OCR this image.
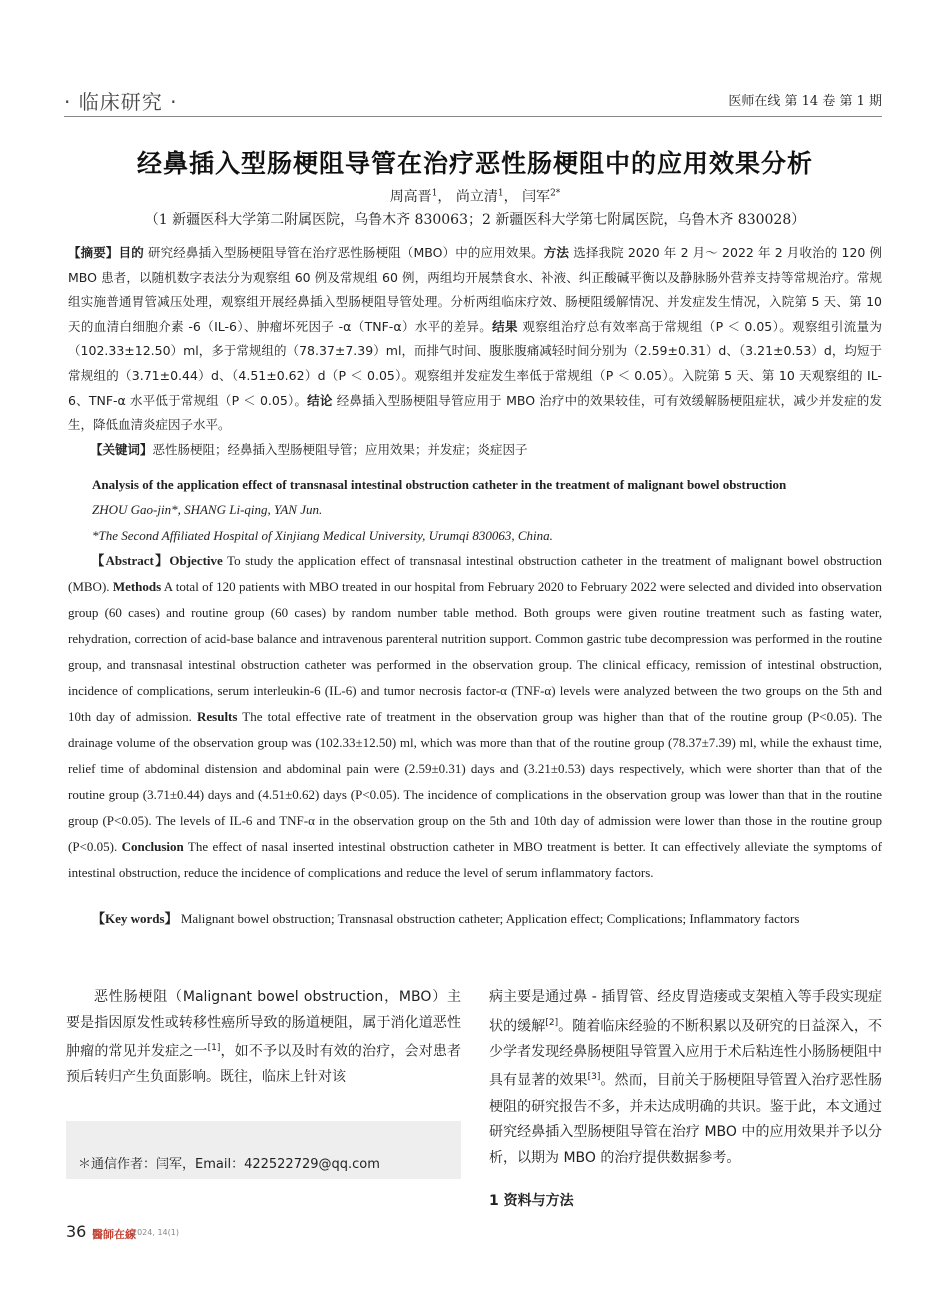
· 临床研究 ·	医师在线 第 14 卷 第 1 期
经鼻插入型肠梗阻导管在治疗恶性肠梗阻中的应用效果分析
周高晋$^1$， 尚立清$^1$， 闫军$^{2*}$
（1 新疆医科大学第二附属医院，乌鲁木齐 830063；2 新疆医科大学第七附属医院，乌鲁木齐 830028）
【摘要】目的 研究经鼻插入型肠梗阻导管在治疗恶性肠梗阻（MBO）中的应用效果。方法 选择我院 2020 年 2 月～ 2022 年 2 月收治的 120 例 MBO 患者，以随机数字表法分为观察组 60 例及常规组 60 例，两组均开展禁食水、补液、纠正酸碱平衡以及静脉肠外营养支持等常规治疗。常规组实施普通胃管减压处理，观察组开展经鼻插入型肠梗阻导管处理。分析两组临床疗效、肠梗阻缓解情况、并发症发生情况，入院第 5 天、第 10 天的血清白细胞介素 -6（IL-6）、肿瘤坏死因子 -α（TNF-α）水平的差异。结果 观察组治疗总有效率高于常规组（P ＜ 0.05）。观察组引流量为（102.33±12.50）ml，多于常规组的（78.37±7.39）ml，而排气时间、腹胀腹痛减轻时间分别为（2.59±0.31）d、（3.21±0.53）d，均短于常规组的（3.71±0.44）d、（4.51±0.62）d（P ＜ 0.05）。观察组并发症发生率低于常规组（P ＜ 0.05）。入院第 5 天、第 10 天观察组的 IL-6、TNF-α 水平低于常规组（P ＜ 0.05）。结论 经鼻插入型肠梗阻导管应用于 MBO 治疗中的效果较佳，可有效缓解肠梗阻症状，减少并发症的发生，降低血清炎症因子水平。
【关键词】恶性肠梗阻；经鼻插入型肠梗阻导管；应用效果；并发症；炎症因子
Analysis of the application effect of transnasal intestinal obstruction catheter in the treatment of malignant bowel obstruction
ZHOU Gao-jin*, SHANG Li-qing, YAN Jun.
*The Second Affiliated Hospital of Xinjiang Medical University, Urumqi 830063, China.
【Abstract】Objective To study the application effect of transnasal intestinal obstruction catheter in the treatment of malignant bowel obstruction (MBO). Methods A total of 120 patients with MBO treated in our hospital from February 2020 to February 2022 were selected and divided into observation group (60 cases) and routine group (60 cases) by random number table method. Both groups were given routine treatment such as fasting water, rehydration, correction of acid-base balance and intravenous parenteral nutrition support. Common gastric tube decompression was performed in the routine group, and transnasal intestinal obstruction catheter was performed in the observation group. The clinical efficacy, remission of intestinal obstruction, incidence of complications, serum interleukin-6 (IL-6) and tumor necrosis factor-α (TNF-α) levels were analyzed between the two groups on the 5th and 10th day of admission. Results The total effective rate of treatment in the observation group was higher than that of the routine group (P<0.05). The drainage volume of the observation group was (102.33±12.50) ml, which was more than that of the routine group (78.37±7.39) ml, while the exhaust time, relief time of abdominal distension and abdominal pain were (2.59±0.31) days and (3.21±0.53) days respectively, which were shorter than that of the routine group (3.71±0.44) days and (4.51±0.62) days (P<0.05). The incidence of complications in the observation group was lower than that in the routine group (P<0.05). The levels of IL-6 and TNF-α in the observation group on the 5th and 10th day of admission were lower than those in the routine group (P<0.05). Conclusion The effect of nasal inserted intestinal obstruction catheter in MBO treatment is better. It can effectively alleviate the symptoms of intestinal obstruction, reduce the incidence of complications and reduce the level of serum inflammatory factors.
【Key words】 Malignant bowel obstruction; Transnasal obstruction catheter; Application effect; Complications; Inflammatory factors
恶性肠梗阻（Malignant bowel obstruction，MBO）主要是指因原发性或转移性癌所导致的肠道梗阻，属于消化道恶性肿瘤的常见并发症之一[1]，如不予以及时有效的治疗，会对患者预后转归产生负面影响。既往，临床上针对该
＊通信作者：闫军，Email：422522729@qq.com
病主要是通过鼻 - 插胃管、经皮胃造瘘或支架植入等手段实现症状的缓解[2]。随着临床经验的不断积累以及研究的日益深入，不少学者发现经鼻肠梗阻导管置入应用于术后粘连性小肠肠梗阻中具有显著的效果[3]。然而，目前关于肠梗阻导管置入治疗恶性肠梗阻的研究报告不多，并未达成明确的共识。鉴于此，本文通过研究经鼻插入型肠梗阻导管在治疗 MBO 中的应用效果并予以分析，以期为 MBO 的治疗提供数据参考。
1 资料与方法
36 醫師在線
2024, 14(1)
